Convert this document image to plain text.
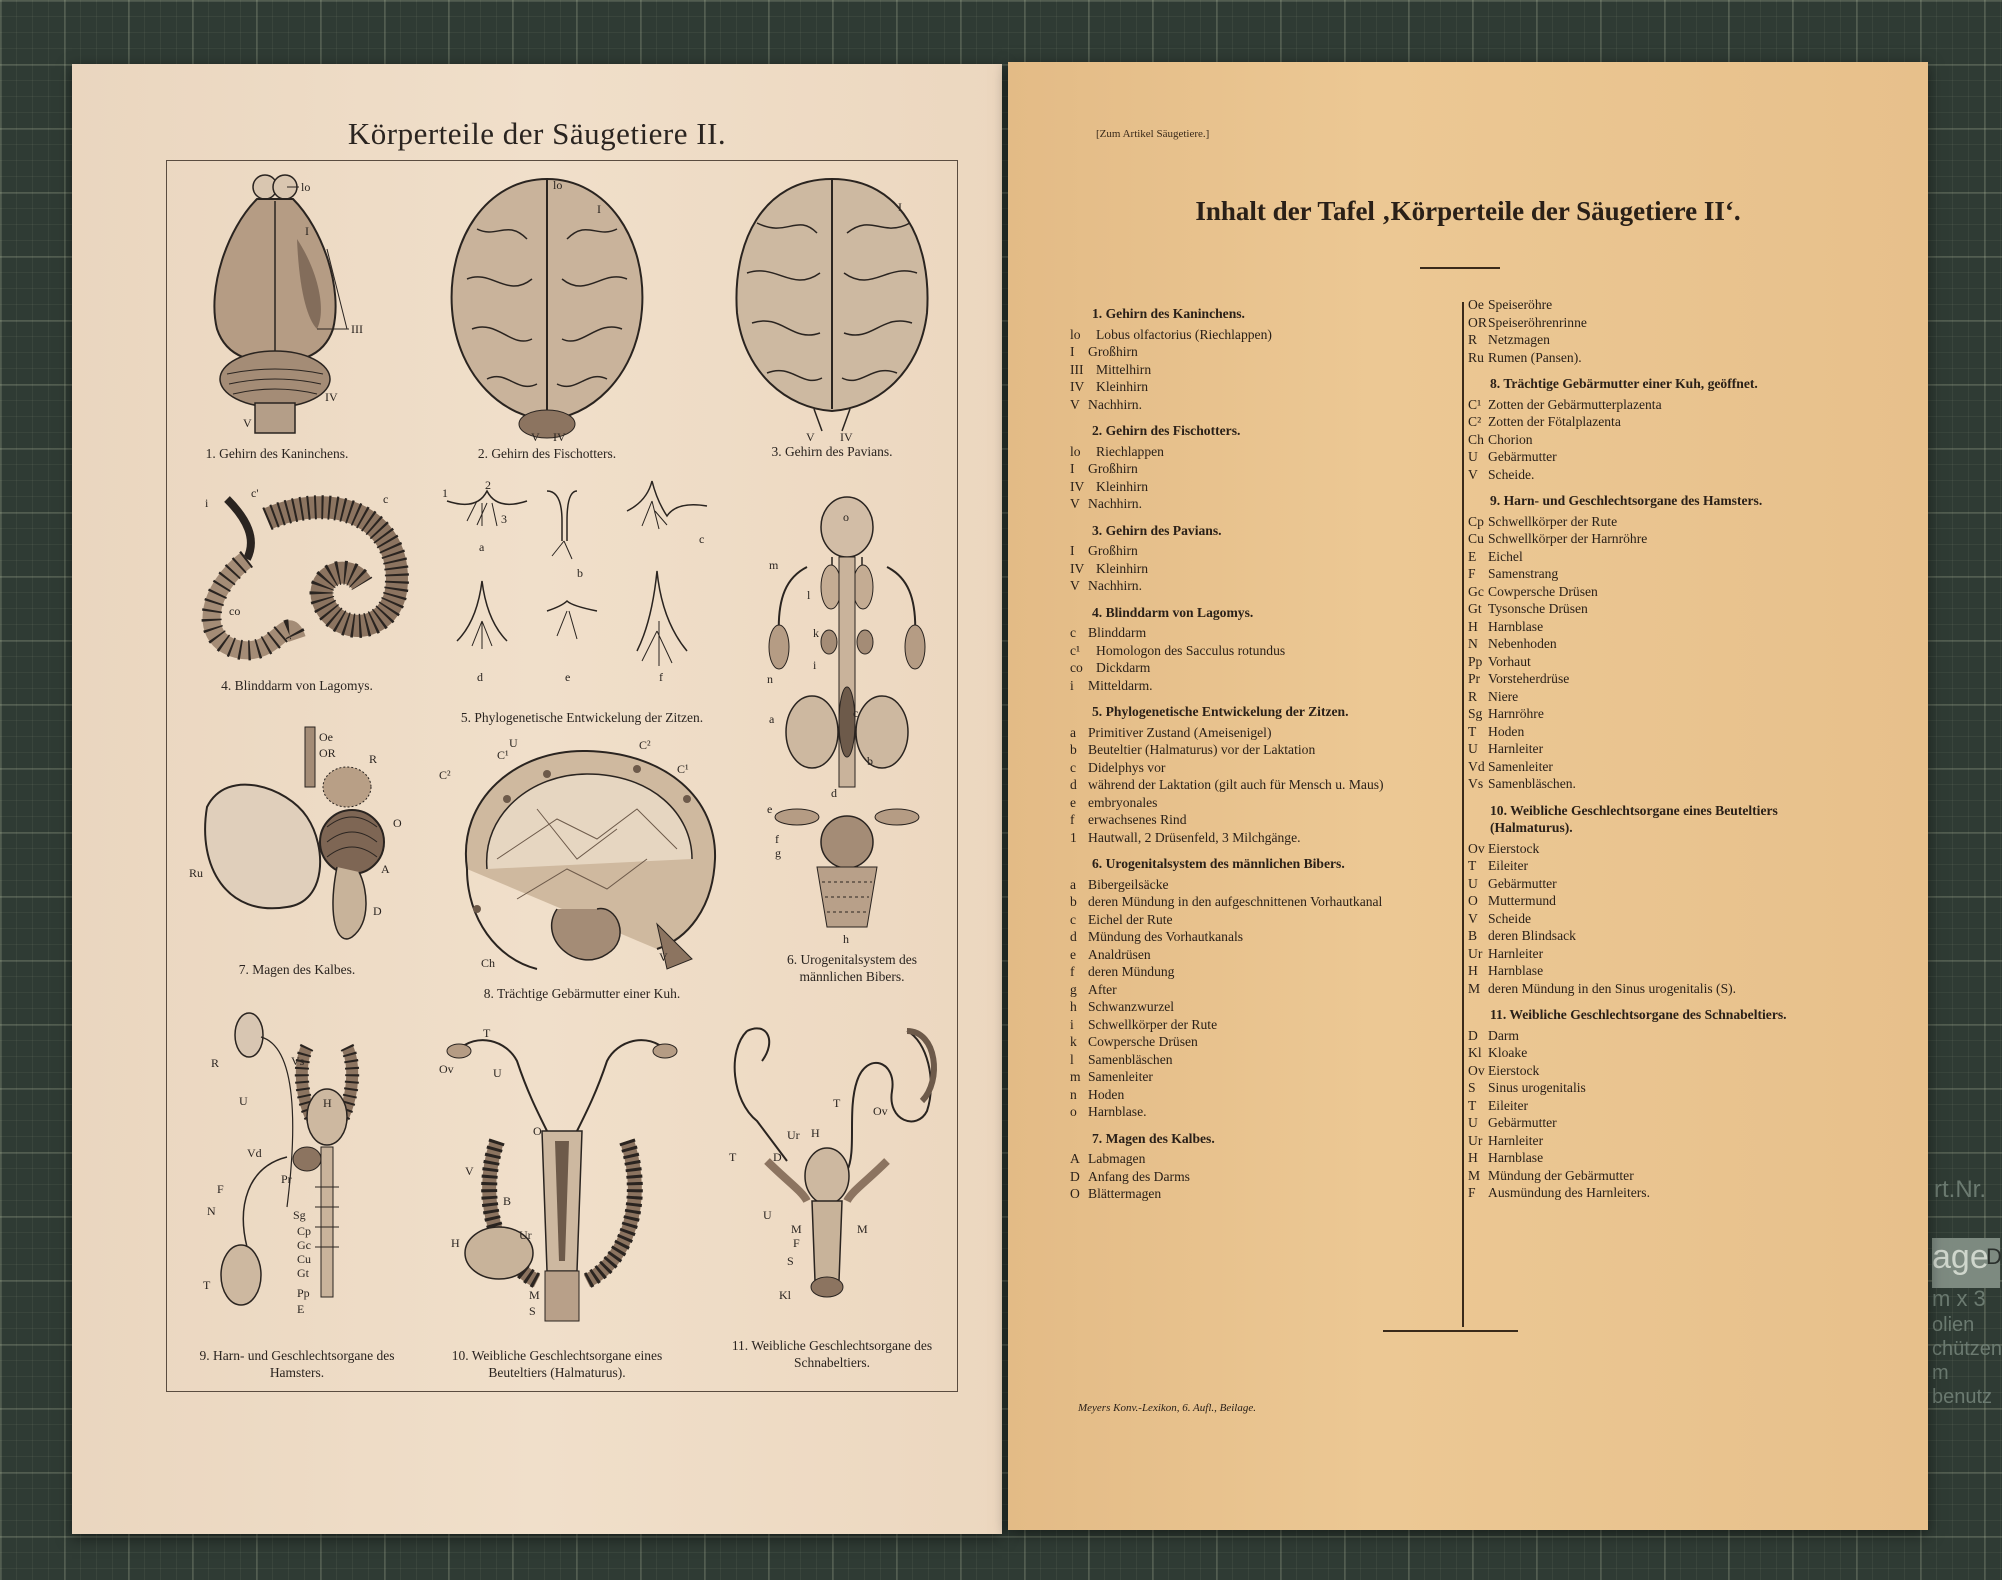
rt.Nr.
age
D
m x 3
olien
chützen
m
benutz
Körperteile der Säugetiere II.
lo
I
III
IV
V
1. Gehirn des Kaninchens.
lo
I
IV
V
2. Gehirn des Fischotters.
I
V IV
3. Gehirn des Pavians.
i
c'	c
co
4. Blinddarm von Lagomys.
a
b
c
d	e	f
1
2
3
5. Phylogenetische Entwickelung der Zitzen.
o
m
l
k
n
i
c
a
b
d
e
f
g
h
6. Urogenitalsystem des männlichen Bibers.
Oe
OR	R
O
Ru	A
D
7. Magen des Kalbes.
C¹
U	C²
C²	C¹
Ch	V
8. Trächtige Gebärmutter einer Kuh.
R	Vs
U	H
Vd
Pr
F
N	Sg
Cp
Gc
Cu
Gt
Pp
E
T
9. Harn- und Geschlechtsorgane des Hamsters.
T
Ov	U
O
V
B
H
Ur
M
S
10. Weibliche Geschlechtsorgane eines Beuteltiers (Halmaturus).
T
Ov
Ur H
T	D
U
M
F
S
M
Kl
11. Weibliche Geschlechtsorgane des Schnabeltiers.
[Zum Artikel Säugetiere.]
Inhalt der Tafel ‚Körperteile der Säugetiere II‘.
1. Gehirn des Kaninchens.
lo	Lobus olfactorius (Riechlappen)
I Großhirn
III Mittelhirn
IV Kleinhirn
V Nachhirn.
2. Gehirn des Fischotters.
lo	Riechlappen
I Großhirn
IV Kleinhirn
V Nachhirn.
3. Gehirn des Pavians.
I Großhirn
IV Kleinhirn
V Nachhirn.
4. Blinddarm von Lagomys.
c Blinddarm
c¹	Homologon des Sacculus rotundus
co Dickdarm
i	Mitteldarm.
5. Phylogenetische Entwickelung der Zitzen.
a Primitiver Zustand (Ameisenigel)
b Beuteltier (Halmaturus) vor der Laktation
c Didelphys vor
d während der Laktation (gilt auch für Mensch u. Maus)
e embryonales
f erwachsenes Rind
1 Hautwall, 2 Drüsenfeld, 3 Milchgänge.
6. Urogenitalsystem des männlichen Bibers.
a Bibergeilsäcke
b deren Mündung in den aufgeschnittenen Vorhautkanal
c Eichel der Rute
d Mündung des Vorhautkanals
e Analdrüsen
f deren Mündung
g After
h Schwanzwurzel
i	Schwellkörper der Rute
k Cowpersche Drüsen
l	Samenbläschen
m Samenleiter
n Hoden
o Harnblase.
7. Magen des Kalbes.
A Labmagen
D Anfang des Darms
O Blättermagen
Oe Speiseröhre
OR Speiseröhrenrinne
R Netzmagen
Ru Rumen (Pansen).
8. Trächtige Gebärmutter einer Kuh, geöffnet.
C¹ Zotten der Gebärmutterplazenta
C² Zotten der Fötalplazenta
Ch Chorion
U Gebärmutter
V Scheide.
9. Harn- und Geschlechtsorgane des Hamsters.
Cp Schwellkörper der Rute
Cu Schwellkörper der Harnröhre
E Eichel
F Samenstrang
Gc Cowpersche Drüsen
Gt Tysonsche Drüsen
H Harnblase
N Nebenhoden
Pp Vorhaut
Pr Vorsteherdrüse
R Niere
Sg Harnröhre
T Hoden
U Harnleiter
Vd Samenleiter
Vs Samenbläschen.
10. Weibliche Geschlechtsorgane eines Beuteltiers (Halmaturus).
Ov Eierstock
T Eileiter
U Gebärmutter
O Muttermund
V Scheide
B deren Blindsack
Ur Harnleiter
H Harnblase
M deren Mündung in den Sinus urogenitalis (S).
11. Weibliche Geschlechtsorgane des Schnabeltiers.
D Darm
Kl Kloake
Ov Eierstock
S Sinus urogenitalis
T Eileiter
U Gebärmutter
Ur Harnleiter
H Harnblase
M Mündung der Gebärmutter
F Ausmündung des Harnleiters.
Meyers Konv.-Lexikon, 6. Aufl., Beilage.
